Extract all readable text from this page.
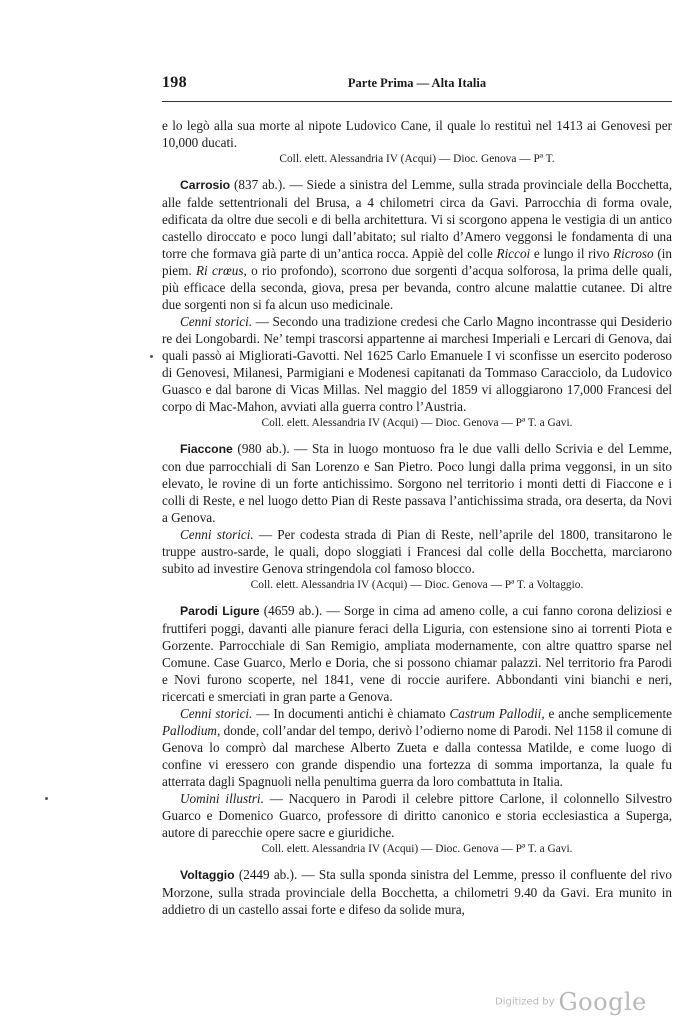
198	Parte Prima — Alta Italia

e lo legò alla sua morte al nipote Ludovico Cane, il quale lo restituì nel 1413 ai Genovesi per 10,000 ducati.

Coll. elett. Alessandria IV (Acqui) — Dioc. Genova — Pª T.

Carrosio (837 ab.). — Siede a sinistra del Lemme, sulla strada provinciale della Bocchetta, alle falde settentrionali del Brusa, a 4 chilometri circa da Gavi. Parrocchia di forma ovale, edificata da oltre due secoli e di bella architettura. Vi si scorgono appena le vestigia di un antico castello diroccato e poco lungi dall’abitato; sul rialto d’Amero veggonsi le fondamenta di una torre che formava già parte di un’antica rocca. Appiè del colle Riccoi e lungo il rivo Ricroso (in piem. Ri crœus, o rio profondo), scorrono due sorgenti d’acqua solforosa, la prima delle quali, più efficace della seconda, giova, presa per bevanda, contro alcune malattie cutanee. Di altre due sorgenti non si fa alcun uso medicinale.

Cenni storici. — Secondo una tradizione credesi che Carlo Magno incontrasse qui Desiderio re dei Longobardi. Ne’ tempi trascorsi appartenne ai marchesi Imperiali e Lercari di Genova, dai quali passò ai Migliorati-Gavotti. Nel 1625 Carlo Emanuele I vi sconfisse un esercito poderoso di Genovesi, Milanesi, Parmigiani e Modenesi capitanati da Tommaso Caracciolo, da Ludovico Guasco e dal barone di Vicas Millas. Nel maggio del 1859 vi alloggiarono 17,000 Francesi del corpo di Mac-Mahon, avviati alla guerra contro l’Austria.

Coll. elett. Alessandria IV (Acqui) — Dioc. Genova — Pª T. a Gavi.

Fiaccone (980 ab.). — Sta in luogo montuoso fra le due valli dello Scrivia e del Lemme, con due parrocchiali di San Lorenzo e San Pietro. Poco lungi dalla prima veggonsi, in un sito elevato, le rovine di un forte antichissimo. Sorgono nel territorio i monti detti di Fiaccone e i colli di Reste, e nel luogo detto Pian di Reste passava l’antichissima strada, ora deserta, da Novi a Genova.

Cenni storici. — Per codesta strada di Pian di Reste, nell’aprile del 1800, transitarono le truppe austro-sarde, le quali, dopo sloggiati i Francesi dal colle della Bocchetta, marciarono subito ad investire Genova stringendola col famoso blocco.

Coll. elett. Alessandria IV (Acqui) — Dioc. Genova — Pª T. a Voltaggio.

Parodi Ligure (4659 ab.). — Sorge in cima ad ameno colle, a cui fanno corona deliziosi e fruttiferi poggi, davanti alle pianure feraci della Liguria, con estensione sino ai torrenti Piota e Gorzente. Parrocchiale di San Remigio, ampliata modernamente, con altre quattro sparse nel Comune. Case Guarco, Merlo e Doria, che si possono chiamar palazzi. Nel territorio fra Parodi e Novi furono scoperte, nel 1841, vene di roccie aurifere. Abbondanti vini bianchi e neri, ricercati e smerciati in gran parte a Genova.

Cenni storici. — In documenti antichi è chiamato Castrum Pallodii, e anche semplicemente Pallodium, donde, coll’andar del tempo, derivò l’odierno nome di Parodi. Nel 1158 il comune di Genova lo comprò dal marchese Alberto Zueta e dalla contessa Matilde, e come luogo di confine vi eressero con grande dispendio una fortezza di somma importanza, la quale fu atterrata dagli Spagnuoli nella penultima guerra da loro combattuta in Italia.

Uomini illustri. — Nacquero in Parodi il celebre pittore Carlone, il colonnello Silvestro Guarco e Domenico Guarco, professore di diritto canonico e storia ecclesiastica a Superga, autore di parecchie opere sacre e giuridiche.

Coll. elett. Alessandria IV (Acqui) — Dioc. Genova — Pª T. a Gavi.

Voltaggio (2449 ab.). — Sta sulla sponda sinistra del Lemme, presso il confluente del rivo Morzone, sulla strada provinciale della Bocchetta, a chilometri 9.40 da Gavi. Era munito in addietro di un castello assai forte e difeso da solide mura,

Digitized by Google
